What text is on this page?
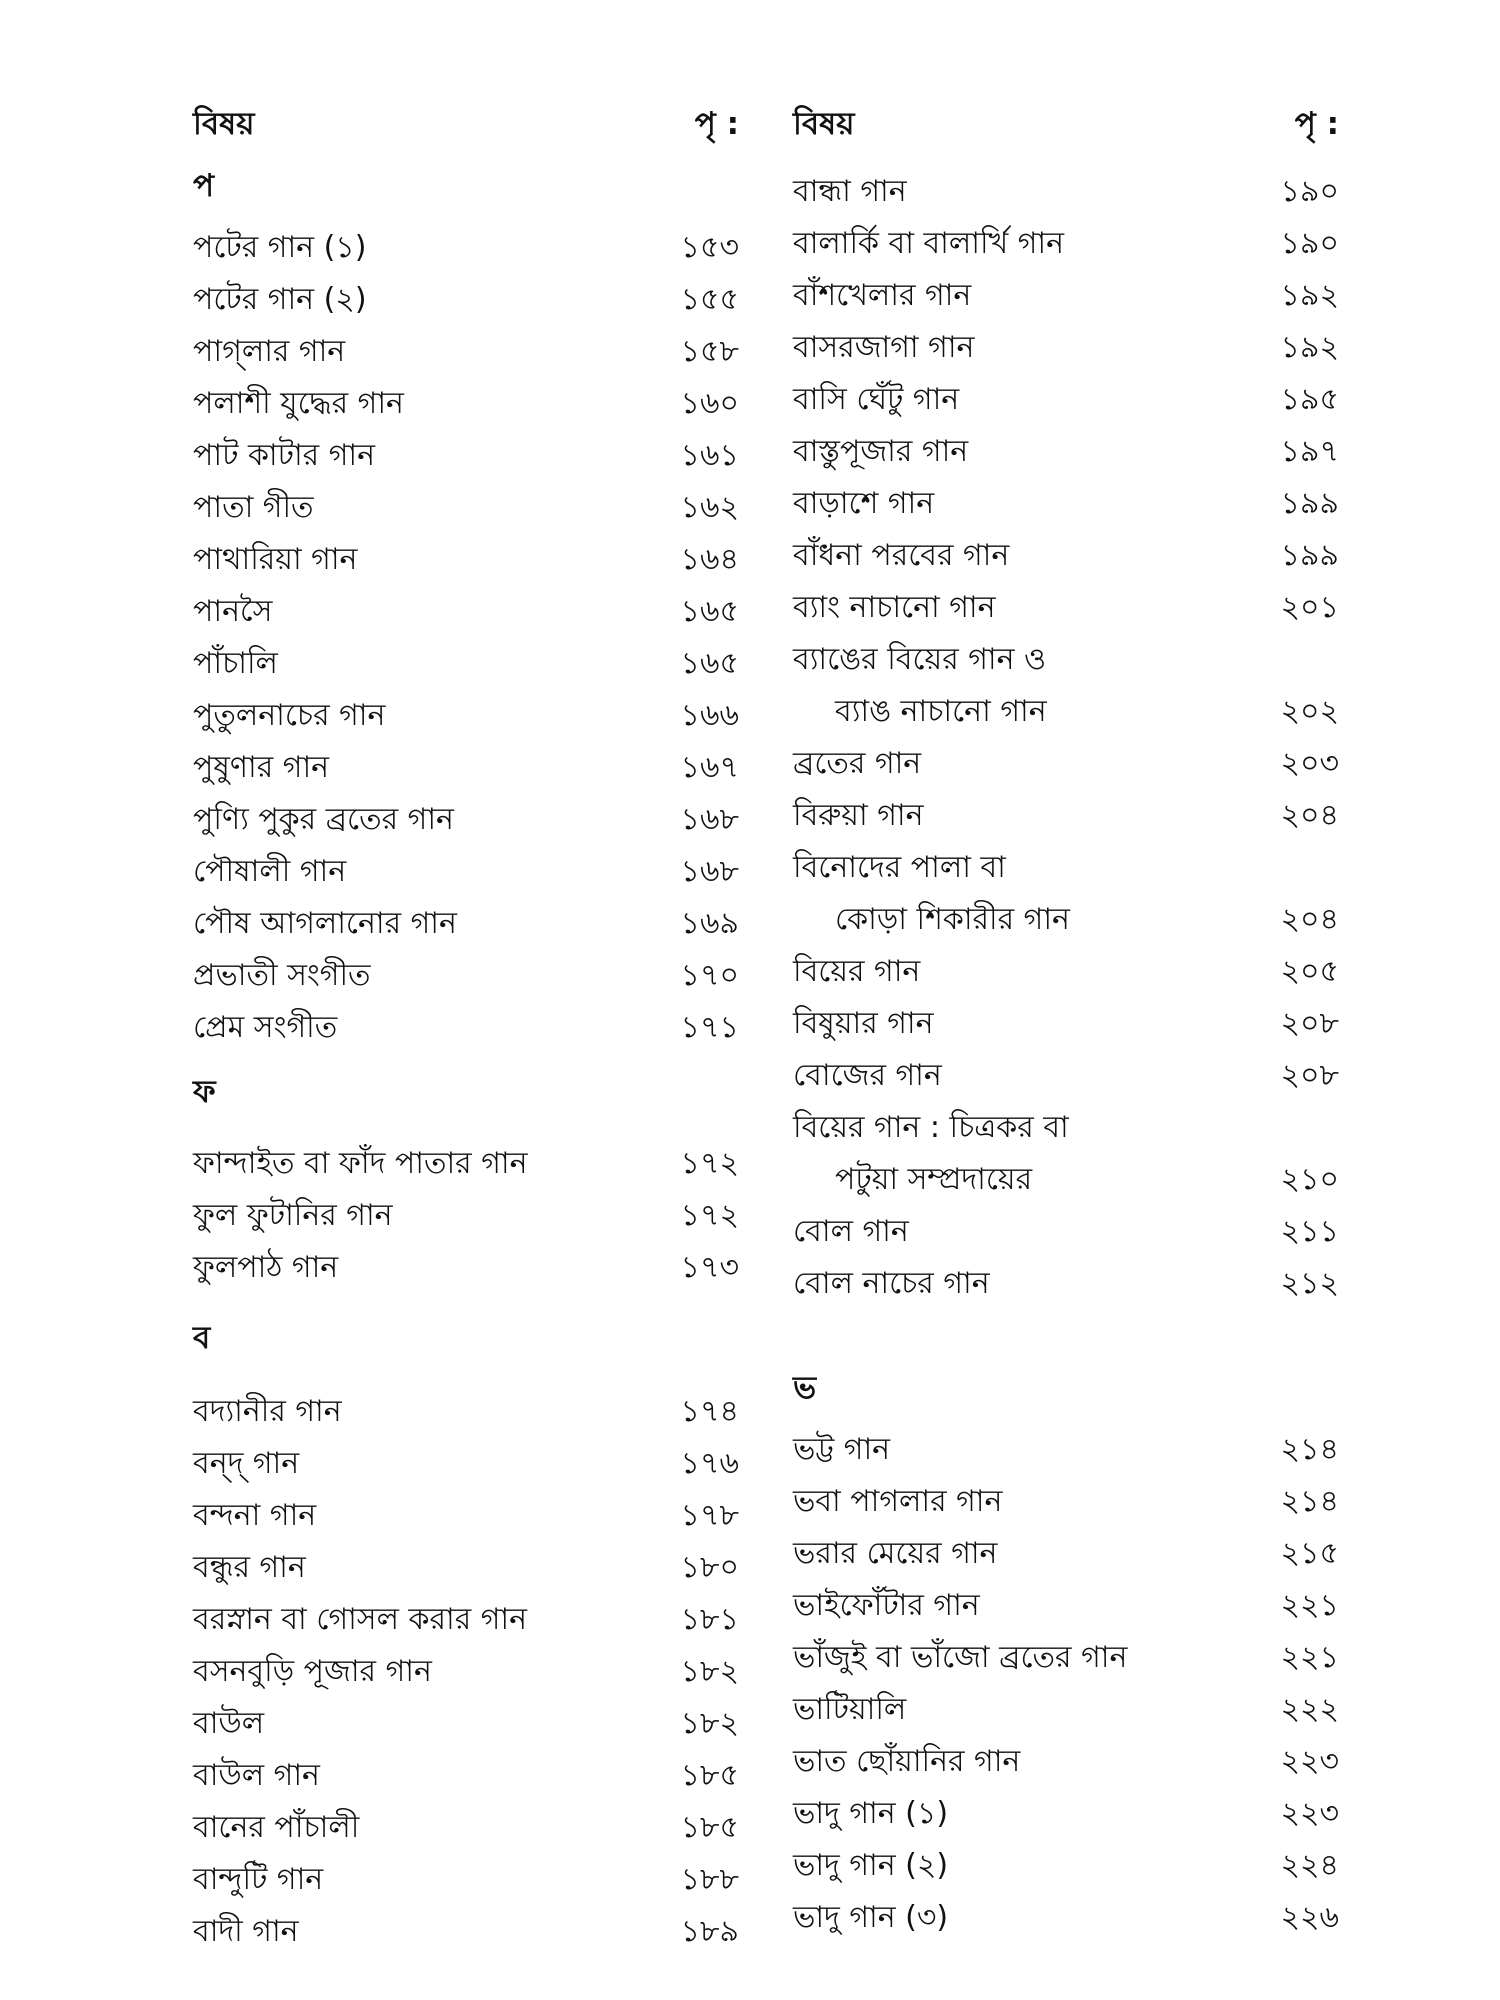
বিষয়	পৃ :
প
পটের গান (১)	১৫৩
পটের গান (২)	১৫৫
পাগ্‌লার গান	১৫৮
পলাশী যুদ্ধের গান	১৬০
পাট কাটার গান	১৬১
পাতা গীত	১৬২
পাথারিয়া গান	১৬৪
পানসৈ	১৬৫
পাঁচালি	১৬৫
পুতুলনাচের গান	১৬৬
পুষুণার গান	১৬৭
পুণ্যি পুকুর ব্রতের গান	১৬৮
পৌষালী গান	১৬৮
পৌষ আগলানোর গান	১৬৯
প্রভাতী সংগীত	১৭০
প্রেম সংগীত	১৭১
ফ
ফান্দাইত বা ফাঁদ পাতার গান	১৭২
ফুল ফুটানির গান	১৭২
ফুলপাঠ গান	১৭৩
ব
বদ্যানীর গান	১৭৪
বন্দ্‌ গান	১৭৬
বন্দনা গান	১৭৮
বন্ধুর গান	১৮০
বরস্নান বা গোসল করার গান	১৮১
বসনবুড়ি পূজার গান	১৮২
বাউল	১৮২
বাউল গান	১৮৫
বানের পাঁচালী	১৮৫
বান্দুটি গান	১৮৮
বাদী গান	১৮৯
বিষয়	পৃ :
বান্ধা গান	১৯০
বালার্কি বা বালার্খি গান	১৯০
বাঁশখেলার গান	১৯২
বাসরজাগা গান	১৯২
বাসি ঘেঁটু গান	১৯৫
বাস্তুপূজার গান	১৯৭
বাড়াশে গান	১৯৯
বাঁধনা পরবের গান	১৯৯
ব্যাং নাচানো গান	২০১
ব্যাঙের বিয়ের গান ও
ব্যাঙ নাচানো গান	২০২
ব্রতের গান	২০৩
বিরুয়া গান	২০৪
বিনোদের পালা বা
কোড়া শিকারীর গান	২০৪
বিয়ের গান	২০৫
বিষুয়ার গান	২০৮
বোজের গান	২০৮
বিয়ের গান : চিত্রকর বা
পটুয়া সম্প্রদায়ের	২১০
বোল গান	২১১
বোল নাচের গান	২১২
ভ
ভট্ট গান	২১৪
ভবা পাগলার গান	২১৪
ভরার মেয়ের গান	২১৫
ভাইফোঁটার গান	২২১
ভাঁজুই বা ভাঁজো ব্রতের গান	২২১
ভাটিয়ালি	২২২
ভাত ছোঁয়ানির গান	২২৩
ভাদু গান (১)	২২৩
ভাদু গান (২)	২২৪
ভাদু গান (৩)	২২৬
